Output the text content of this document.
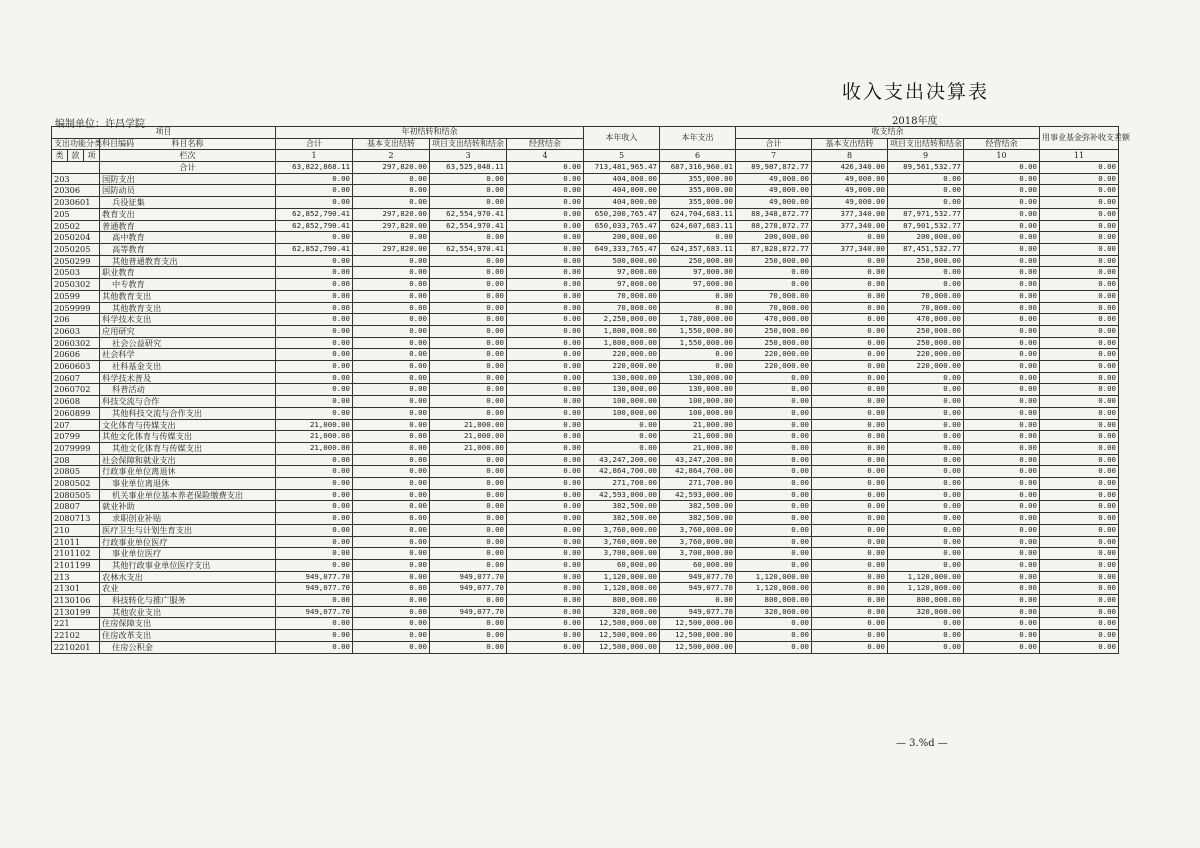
收入支出决算表
编制单位：许昌学院	2018年度
项目				年初结转和结余				本年收入	本年支出	收支结余				用事业基金弥补收支差额
支出功能分类科目编码			科目名称	合计	基本支出结转	项目支出结转和结余	经营结余			合计	基本支出结转	项目支出结转和结余	经营结余	
类	款	项	栏次	1	2	3	4	5	6	7	8	9	10	11
			合计	63,822,868.11	297,820.00	63,525,048.11	0.00	713,481,965.47	687,316,960.81	89,987,872.77	426,340.00	89,561,532.77	0.00	0.00
203			国防支出	0.00	0.00	0.00	0.00	404,000.00	355,000.00	49,000.00	49,000.00	0.00	0.00	0.00
20306			国防动员	0.00	0.00	0.00	0.00	404,000.00	355,000.00	49,000.00	49,000.00	0.00	0.00	0.00
2030601			兵役征集	0.00	0.00	0.00	0.00	404,000.00	355,000.00	49,000.00	49,000.00	0.00	0.00	0.00
205			教育支出	62,852,790.41	297,820.00	62,554,970.41	0.00	650,200,765.47	624,704,683.11	88,348,872.77	377,340.00	87,971,532.77	0.00	0.00
20502			普通教育	62,852,790.41	297,820.00	62,554,970.41	0.00	650,033,765.47	624,607,683.11	88,278,872.77	377,340.00	87,901,532.77	0.00	0.00
2050204			高中教育	0.00	0.00	0.00	0.00	200,000.00	0.00	200,000.00	0.00	200,000.00	0.00	0.00
2050205			高等教育	62,852,790.41	297,820.00	62,554,970.41	0.00	649,333,765.47	624,357,683.11	87,828,872.77	377,340.00	87,451,532.77	0.00	0.00
2050299			其他普通教育支出	0.00	0.00	0.00	0.00	500,000.00	250,000.00	250,000.00	0.00	250,000.00	0.00	0.00
20503			职业教育	0.00	0.00	0.00	0.00	97,000.00	97,000.00	0.00	0.00	0.00	0.00	0.00
2050302			中专教育	0.00	0.00	0.00	0.00	97,000.00	97,000.00	0.00	0.00	0.00	0.00	0.00
20599			其他教育支出	0.00	0.00	0.00	0.00	70,000.00	0.00	70,000.00	0.00	70,000.00	0.00	0.00
2059999			其他教育支出	0.00	0.00	0.00	0.00	70,000.00	0.00	70,000.00	0.00	70,000.00	0.00	0.00
206			科学技术支出	0.00	0.00	0.00	0.00	2,250,000.00	1,780,000.00	470,000.00	0.00	470,000.00	0.00	0.00
20603			应用研究	0.00	0.00	0.00	0.00	1,800,000.00	1,550,000.00	250,000.00	0.00	250,000.00	0.00	0.00
2060302			社会公益研究	0.00	0.00	0.00	0.00	1,800,000.00	1,550,000.00	250,000.00	0.00	250,000.00	0.00	0.00
20606			社会科学	0.00	0.00	0.00	0.00	220,000.00	0.00	220,000.00	0.00	220,000.00	0.00	0.00
2060603			社科基金支出	0.00	0.00	0.00	0.00	220,000.00	0.00	220,000.00	0.00	220,000.00	0.00	0.00
20607			科学技术普及	0.00	0.00	0.00	0.00	130,000.00	130,000.00	0.00	0.00	0.00	0.00	0.00
2060702			科普活动	0.00	0.00	0.00	0.00	130,000.00	130,000.00	0.00	0.00	0.00	0.00	0.00
20608			科技交流与合作	0.00	0.00	0.00	0.00	100,000.00	100,000.00	0.00	0.00	0.00	0.00	0.00
2060899			其他科技交流与合作支出	0.00	0.00	0.00	0.00	100,000.00	100,000.00	0.00	0.00	0.00	0.00	0.00
207			文化体育与传媒支出	21,000.00	0.00	21,000.00	0.00	0.00	21,000.00	0.00	0.00	0.00	0.00	0.00
20799			其他文化体育与传媒支出	21,000.00	0.00	21,000.00	0.00	0.00	21,000.00	0.00	0.00	0.00	0.00	0.00
2079999			其他文化体育与传媒支出	21,000.00	0.00	21,000.00	0.00	0.00	21,000.00	0.00	0.00	0.00	0.00	0.00
208			社会保障和就业支出	0.00	0.00	0.00	0.00	43,247,200.00	43,247,200.00	0.00	0.00	0.00	0.00	0.00
20805			行政事业单位离退休	0.00	0.00	0.00	0.00	42,864,700.00	42,864,700.00	0.00	0.00	0.00	0.00	0.00
2080502			事业单位离退休	0.00	0.00	0.00	0.00	271,700.00	271,700.00	0.00	0.00	0.00	0.00	0.00
2080505			机关事业单位基本养老保险缴费支出	0.00	0.00	0.00	0.00	42,593,000.00	42,593,000.00	0.00	0.00	0.00	0.00	0.00
20807			就业补助	0.00	0.00	0.00	0.00	382,500.00	382,500.00	0.00	0.00	0.00	0.00	0.00
2080713			求职创业补贴	0.00	0.00	0.00	0.00	382,500.00	382,500.00	0.00	0.00	0.00	0.00	0.00
210			医疗卫生与计划生育支出	0.00	0.00	0.00	0.00	3,760,000.00	3,760,000.00	0.00	0.00	0.00	0.00	0.00
21011			行政事业单位医疗	0.00	0.00	0.00	0.00	3,760,000.00	3,760,000.00	0.00	0.00	0.00	0.00	0.00
2101102			事业单位医疗	0.00	0.00	0.00	0.00	3,700,000.00	3,700,000.00	0.00	0.00	0.00	0.00	0.00
2101199			其他行政事业单位医疗支出	0.00	0.00	0.00	0.00	60,000.00	60,000.00	0.00	0.00	0.00	0.00	0.00
213			农林水支出	949,077.70	0.00	949,077.70	0.00	1,120,000.00	949,077.70	1,120,000.00	0.00	1,120,000.00	0.00	0.00
21301			农业	949,077.70	0.00	949,077.70	0.00	1,120,000.00	949,077.70	1,120,000.00	0.00	1,120,000.00	0.00	0.00
2130106			科技转化与推广服务	0.00	0.00	0.00	0.00	800,000.00	0.00	800,000.00	0.00	800,000.00	0.00	0.00
2130199			其他农业支出	949,077.70	0.00	949,077.70	0.00	320,000.00	949,077.70	320,000.00	0.00	320,000.00	0.00	0.00
221			住房保障支出	0.00	0.00	0.00	0.00	12,500,000.00	12,500,000.00	0.00	0.00	0.00	0.00	0.00
22102			住房改革支出	0.00	0.00	0.00	0.00	12,500,000.00	12,500,000.00	0.00	0.00	0.00	0.00	0.00
2210201			住房公积金	0.00	0.00	0.00	0.00	12,500,000.00	12,500,000.00	0.00	0.00	0.00	0.00	0.00
— 3.%d —
